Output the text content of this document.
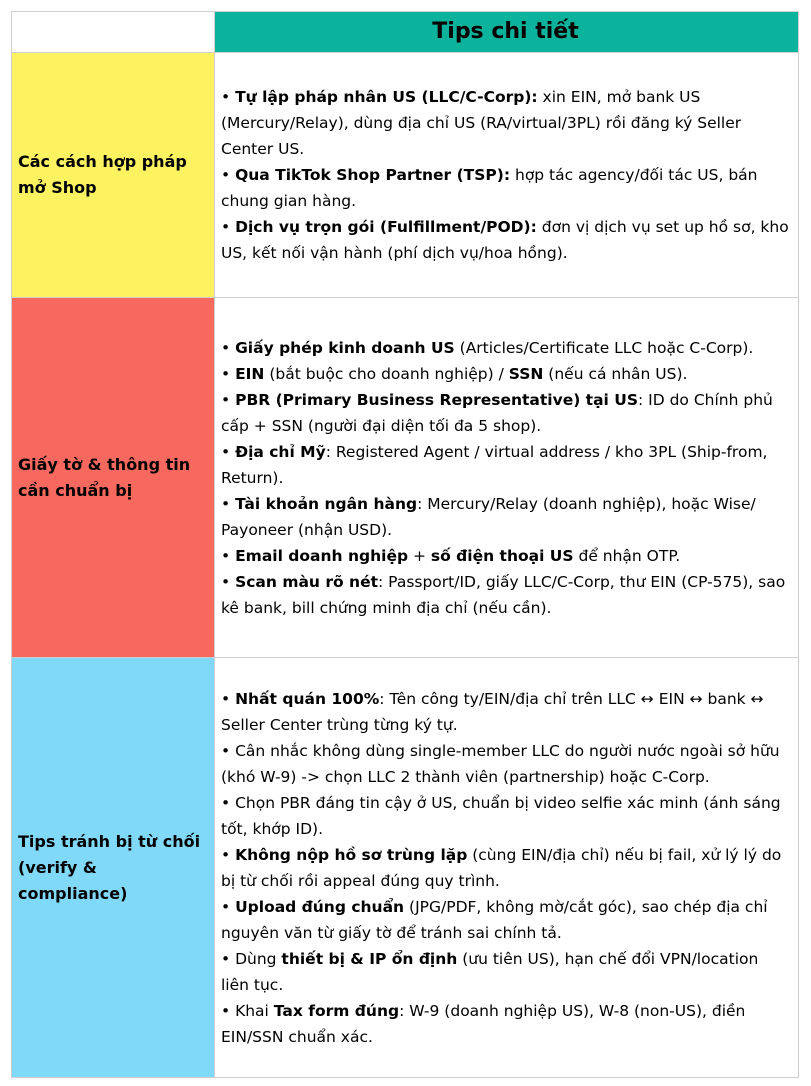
Tips chi tiết
Các cách hợp pháp mở Shop

• Tự lập pháp nhân US (LLC/C-Corp): xin EIN, mở bank US (Mercury/Relay), dùng địa chỉ US (RA/virtual/3PL) rồi đăng ký Seller Center US.

• Qua TikTok Shop Partner (TSP): hợp tác agency/đối tác US, bán chung gian hàng.

• Dịch vụ trọn gói (Fulfillment/POD): đơn vị dịch vụ set up hồ sơ, kho US, kết nối vận hành (phí dịch vụ/hoa hồng).

Giấy tờ & thông tin cần chuẩn bị

• Giấy phép kinh doanh US (Articles/Certificate LLC hoặc C-Corp).

• EIN (bắt buộc cho doanh nghiệp) / SSN (nếu cá nhân US).

• PBR (Primary Business Representative) tại US: ID do Chính phủ cấp + SSN (người đại diện tối đa 5 shop).

• Địa chỉ Mỹ: Registered Agent / virtual address / kho 3PL (Ship-from, Return).

• Tài khoản ngân hàng: Mercury/Relay (doanh nghiệp), hoặc Wise/ Payoneer (nhận USD).

• Email doanh nghiệp + số điện thoại US để nhận OTP.

• Scan màu rõ nét: Passport/ID, giấy LLC/C-Corp, thư EIN (CP-575), sao kê bank, bill chứng minh địa chỉ (nếu cần).

Tips tránh bị từ chối (verify & compliance)

• Nhất quán 100%: Tên công ty/EIN/địa chỉ trên LLC ↔ EIN ↔ bank ↔ Seller Center trùng từng ký tự.

• Cân nhắc không dùng single-member LLC do người nước ngoài sở hữu (khó W-9) -> chọn LLC 2 thành viên (partnership) hoặc C-Corp.

• Chọn PBR đáng tin cậy ở US, chuẩn bị video selfie xác minh (ánh sáng tốt, khớp ID).

• Không nộp hồ sơ trùng lặp (cùng EIN/địa chỉ) nếu bị fail, xử lý lý do bị từ chối rồi appeal đúng quy trình.

• Upload đúng chuẩn (JPG/PDF, không mờ/cắt góc), sao chép địa chỉ nguyên văn từ giấy tờ để tránh sai chính tả.

• Dùng thiết bị & IP ổn định (ưu tiên US), hạn chế đổi VPN/location liên tục.

• Khai Tax form đúng: W-9 (doanh nghiệp US), W-8 (non-US), điền EIN/SSN chuẩn xác.
